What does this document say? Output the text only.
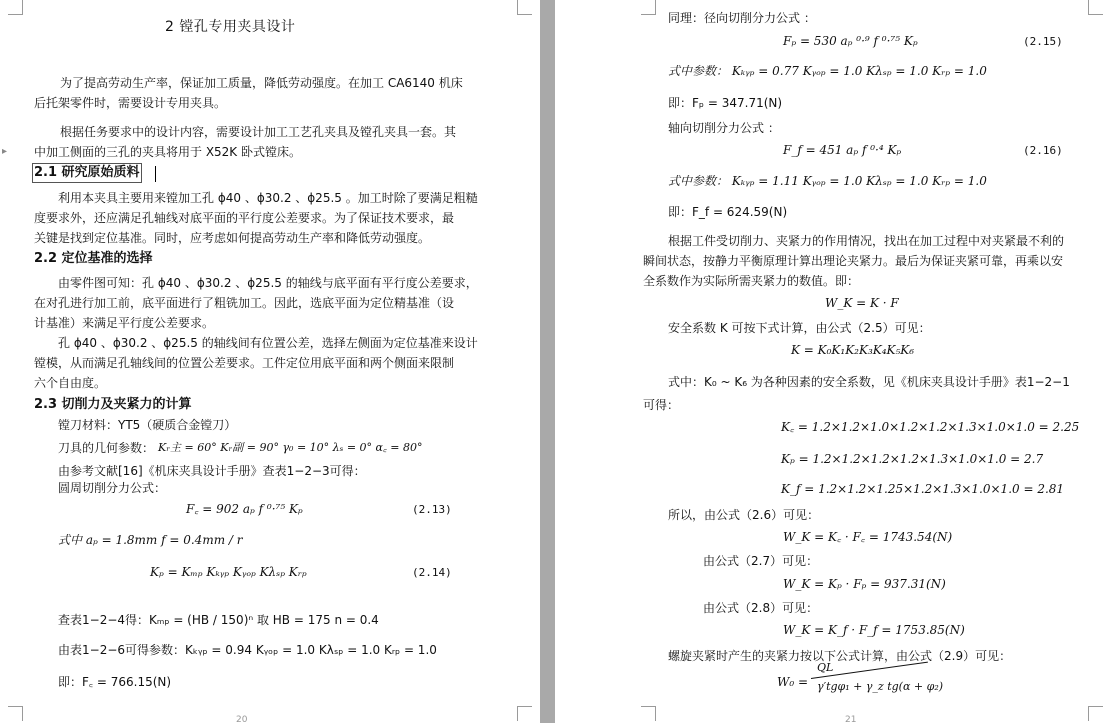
2 镗孔专用夹具设计
为了提高劳动生产率，保证加工质量，降低劳动强度。在加工 CA6140 机床
后托架零件时，需要设计专用夹具。
根据任务要求中的设计内容，需要设计加工工艺孔夹具及镗孔夹具一套。其
中加工侧面的三孔的夹具将用于 X52K 卧式镗床。
▸
2.1 研究原始质料
利用本夹具主要用来镗加工孔 ϕ40 、ϕ30.2 、ϕ25.5 。加工时除了要满足粗糙
度要求外，还应满足孔轴线对底平面的平行度公差要求。为了保证技术要求，最
关键是找到定位基准。同时，应考虑如何提高劳动生产率和降低劳动强度。
2.2 定位基准的选择
由零件图可知：孔 ϕ40 、ϕ30.2 、ϕ25.5 的轴线与底平面有平行度公差要求，
在对孔进行加工前，底平面进行了粗铣加工。因此，选底平面为定位精基准（设
计基准）来满足平行度公差要求。
孔 ϕ40 、ϕ30.2 、ϕ25.5 的轴线间有位置公差，选择左侧面为定位基准来设计
镗模，从而满足孔轴线间的位置公差要求。工件定位用底平面和两个侧面来限制
六个自由度。
2.3 切削力及夹紧力的计算
镗刀材料：YT5（硬质合金镗刀）
刀具的几何参数： Kᵣ主 = 60° Kᵣ副 = 90° γ₀ = 10° λₛ = 0° α꜀ = 80°
由参考文献[16]《机床夹具设计手册》查表1−2−3可得：
圆周切削分力公式：
F꜀ = 902 aₚ f ⁰·⁷⁵ Kₚ	(2.13)
式中 aₚ = 1.8mm f = 0.4mm / r
Kₚ = Kₘₚ Kₖᵧₚ Kᵧₒₚ Kλₛₚ Kᵣₚ	(2.14)
查表1−2−4得：Kₘₚ = (HB / 150)ⁿ 取 HB = 175 n = 0.4
由表1−2−6可得参数：Kₖᵧₚ = 0.94 Kᵧₒₚ = 1.0 Kλₛₚ = 1.0 Kᵣₚ = 1.0
即：F꜀ = 766.15(N)
20
同理：径向切削分力公式 ：
Fₚ = 530 aₚ ⁰·⁹ f ⁰·⁷⁵ Kₚ	(2.15)
式中参数： Kₖᵧₚ = 0.77 Kᵧₒₚ = 1.0 Kλₛₚ = 1.0 Kᵣₚ = 1.0
即：Fₚ = 347.71(N)
轴向切削分力公式 ：
F_f = 451 aₚ f ⁰·⁴ Kₚ	(2.16)
式中参数： Kₖᵧₚ = 1.11 Kᵧₒₚ = 1.0 Kλₛₚ = 1.0 Kᵣₚ = 1.0
即：F_f = 624.59(N)
根据工件受切削力、夹紧力的作用情况，找出在加工过程中对夹紧最不利的
瞬间状态，按静力平衡原理计算出理论夹紧力。最后为保证夹紧可靠，再乘以安
全系数作为实际所需夹紧力的数值。即：
W_K = K · F
安全系数 K 可按下式计算，由公式（2.5）可见：
K = K₀K₁K₂K₃K₄K₅K₆
式中：K₀ ~ K₆ 为各种因素的安全系数，见《机床夹具设计手册》表1−2−1
可得：
K꜀ = 1.2×1.2×1.0×1.2×1.2×1.3×1.0×1.0 = 2.25
Kₚ = 1.2×1.2×1.2×1.2×1.3×1.0×1.0 = 2.7
K_f = 1.2×1.2×1.25×1.2×1.3×1.0×1.0 = 2.81
所以，由公式（2.6）可见：
W_K = K꜀ · F꜀ = 1743.54(N)
由公式（2.7）可见：
W_K = Kₚ · Fₚ = 937.31(N)
由公式（2.8）可见：
W_K = K_f · F_f = 1753.85(N)
螺旋夹紧时产生的夹紧力按以下公式计算，由公式（2.9）可见：
W₀ =
QL
γ′tgφ₁ + γ_z tg(α + φ₂)
21
